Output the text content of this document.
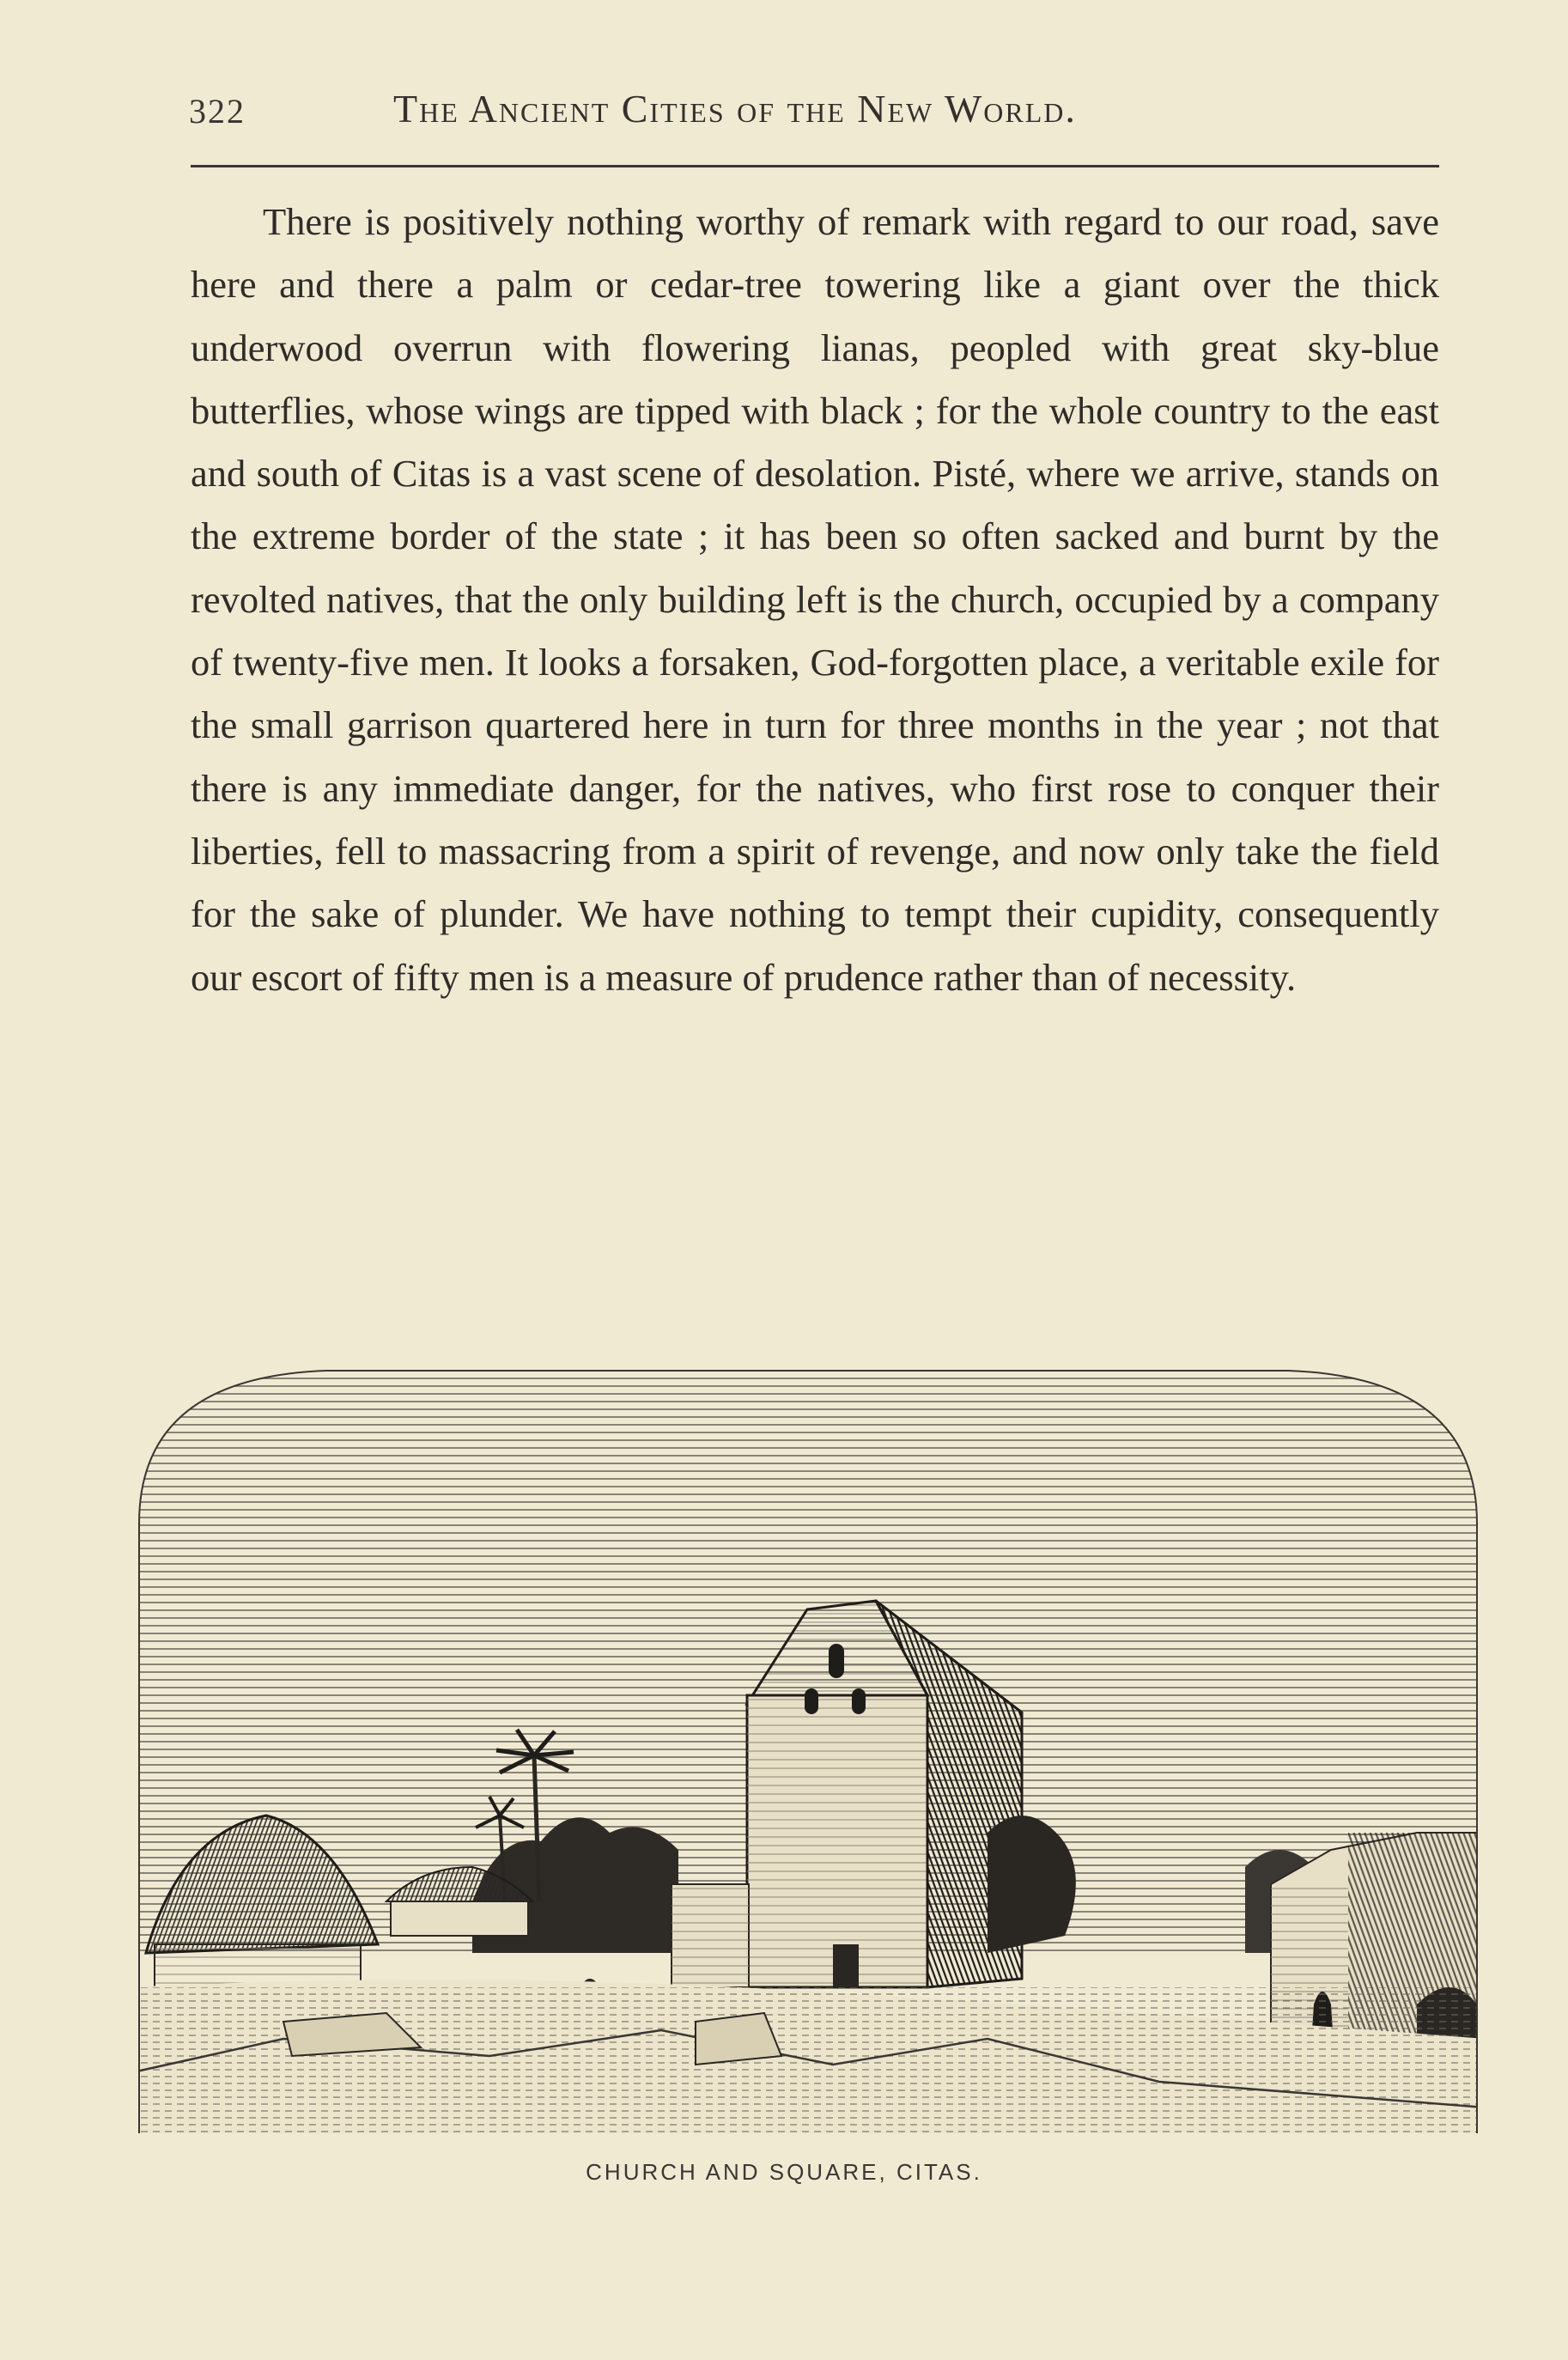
322	The Ancient Cities of the New World.

There is positively nothing worthy of remark with regard to our road, save here and there a palm or cedar-tree towering like a giant over the thick underwood overrun with flowering lianas, peopled with great sky-blue butterflies, whose wings are tipped with black ; for the whole country to the east and south of Citas is a vast scene of desolation. Pisté, where we arrive, stands on the extreme border of the state ; it has been so often sacked and burnt by the revolted natives, that the only building left is the church, occupied by a company of twenty-five men. It looks a forsaken, God-forgotten place, a veritable exile for the small garrison quartered here in turn for three months in the year ; not that there is any immediate danger, for the natives, who first rose to conquer their liberties, fell to massacring from a spirit of revenge, and now only take the field for the sake of plunder. We have nothing to tempt their cupidity, consequently our escort of fifty men is a measure of prudence rather than of necessity.

CHURCH AND SQUARE, CITAS.
